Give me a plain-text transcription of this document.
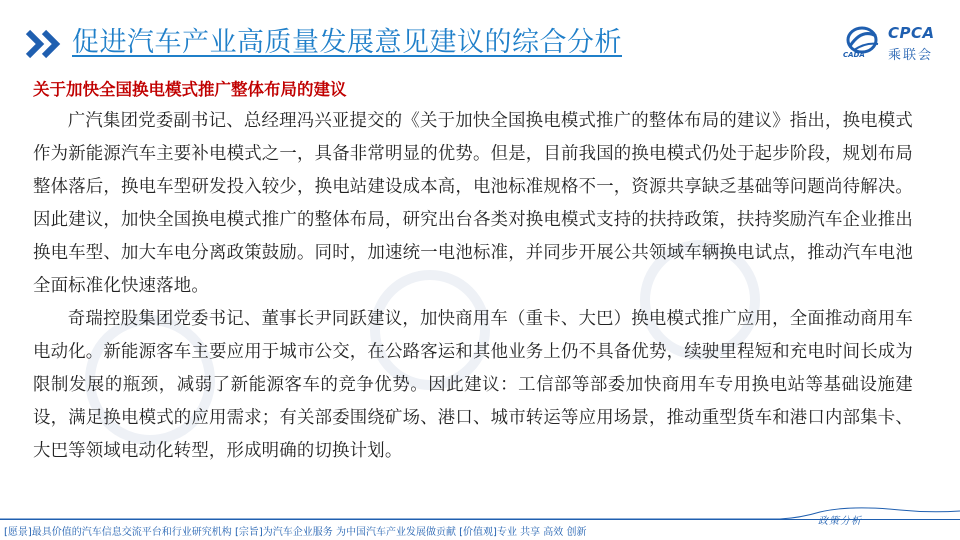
促进汽车产业高质量发展意见建议的综合分析	CPCA
乘联会
CADA
关于加快全国换电模式推广整体布局的建议

广汽集团党委副书记、总经理冯兴亚提交的《关于加快全国换电模式推广的整体布局的建议》指出，换电模式作为新能源汽车主要补电模式之一，具备非常明显的优势。但是，目前我国的换电模式仍处于起步阶段，规划布局整体落后，换电车型研发投入较少，换电站建设成本高，电池标准规格不一，资源共享缺乏基础等问题尚待解决。因此建议，加快全国换电模式推广的整体布局，研究出台各类对换电模式支持的扶持政策，扶持奖励汽车企业推出换电车型、加大车电分离政策鼓励。同时，加速统一电池标准，并同步开展公共领域车辆换电试点，推动汽车电池全面标准化快速落地。

奇瑞控股集团党委书记、董事长尹同跃建议，加快商用车（重卡、大巴）换电模式推广应用，全面推动商用车电动化。新能源客车主要应用于城市公交，在公路客运和其他业务上仍不具备优势，续驶里程短和充电时间长成为限制发展的瓶颈，减弱了新能源客车的竞争优势。因此建议：工信部等部委加快商用车专用换电站等基础设施建设，满足换电模式的应用需求；有关部委围绕矿场、港口、城市转运等应用场景，推动重型货车和港口内部集卡、大巴等领域电动化转型，形成明确的切换计划。

[愿景]最具价值的汽车信息交流平台和行业研究机构 [宗旨]为汽车企业服务 为中国汽车产业发展做贡献 [价值观]专业 共享 高效 创新
政策分析
